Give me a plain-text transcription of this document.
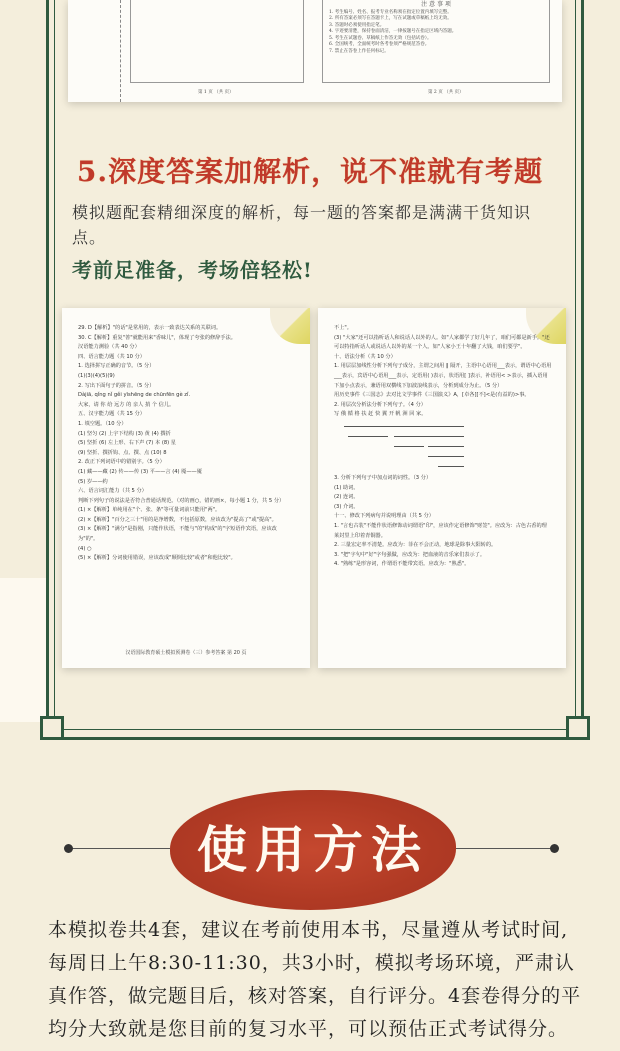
注 意 事 项
1. 考生编号、姓名、报考专业名称须在指定位置内填写完整。
2. 所有答案必须写在答题卡上，写在试题或草稿纸上均无效。
3. 答题时必须使用指定笔。
4. 字迹要清楚，保持卷面清洁，一律按题号在指定区域内答题。
5. 考生在试题卷、草稿纸上作答无效（包括试卷）。
6. 全国统考，全面统考时各考卷须严格规范答卷。
7. 禁止在答卷上作任何标记。
第 1 页 （共 页）	第 2 页 （共 页）
5.深度答案加解析，说不准就有考题
模拟题配套精细深度的解析，每一题的答案都是满满干货知识点。
考前足准备，考场倍轻松!
29. D【解析】"的话"是常用的，表示一致表达关系的关联词。
30. C【解析】重复"善"就能用来"香味儿"，体现了夸张的修辞手法。
汉语能力测验（共 40 分）
四、语言能力题（共 10 分）
1. 选择拼写正确的音节。（5 分）
(1)(3)(4)(5)(9)
2. 写出下面句子的拼音。（5 分）
Dàjiā, qǐng nǐ gěi yīshēng de chūnfēn gè zǐ.
大家，请 你 给 远方 的 亲人 捎 个 信儿。
五、汉字能力题（共 15 分）
1. 填空题。（10 分）
(1) 坚匀 (2) 上宇下结构 (3) 黄 (4) 撰折
(5) 坚折 (6) 左上形、右下声 (7) 本 (8) 星
(9) 坚折、撰折钩、点、撰、点 (10) 8
2. 改正下列词语中的错别字。（5 分）
(1) 藏——藏 (2) 传——传 (3) 平——言 (4) 魇——魇
(5) 岁——约
六、语言词汇能力（共 5 分）
判断下列句子的说法是否符合普通话规范。（对的画○，错的画×，每小题 1 分，共 5 分）
(1) ×【解析】单纯用在"个、张、条"等可量词前只能用"两"。
(2) ×【解析】"百分之三十"用的是净增数，不包括原数，应该改为"提高了"或"提高"。
(3) ×【解析】"满分"是指刚，只能作状语，不能与"的"构成"的"字短语作宾语，应该改为"的"。
(4) ○
(5) ×【解析】分词使用错误，应该改成"颠倒比较"或者"和他比较"。
汉语国际教育硕士模拟预测卷（三）参考答案 第 20 页
不上"。
(3) "大家"还可以指听话人和说话人以外的人。如"人家都学了好几年了，咱们可都是新手。"还可以特指听话人或说话人以外的某一个人。如"人家小王十年翻了大钱，咱们要学"。
十、语法分析（共 10 分）
1. 用层层加线性分析下列句子成分，主谓之间用 ‖ 隔开，主语中心语用___表示，谓语中心语用___表示，宾语中心语用___表示，定语用( )表示，状语用[ ]表示，补语用< >表示，插入语用下加小点表示，兼语用双横线下加波浪线表示，分析到成分为止。（5 分）
用历史事件《三国志》去对比文学事件《三国演义》A，[卓各][不]<是(有益的)>事。
2. 用层次分析法分析下列句子。（4 分）
写 俄 循 格 扶 赶 快 翼 开 帆 洲 回 家。
3. 分析下列句子中加点词的词性。（3 分）
(1) 助词。
(2) 连词。
(3) 介词。
十一、修改下列病句并说明理由（共 5 分）
1. "言也古装"不能作状语修饰动词谓语"印"，应该作定语修饰"财签"。应改为：古色古香的理莱封里上印着青铜器。
2. 三量宏定率不清楚。应改为：菲在不会正动，地球是除事大阳转的。
3. "把"字句中"好"字句强做，应改为：把血液的音乐家们表示了。
4. "熟练"是形容词，作谓语不能带宾语。应改为："熟悉"。
使用方法
本模拟卷共4套，建议在考前使用本书，尽量遵从考试时间,每周日上午8:30-11:30，共3小时，模拟考场环境，严肃认真作答，做完题目后，核对答案，自行评分。4套卷得分的平均分大致就是您目前的复习水平，可以预估正式考试得分。
